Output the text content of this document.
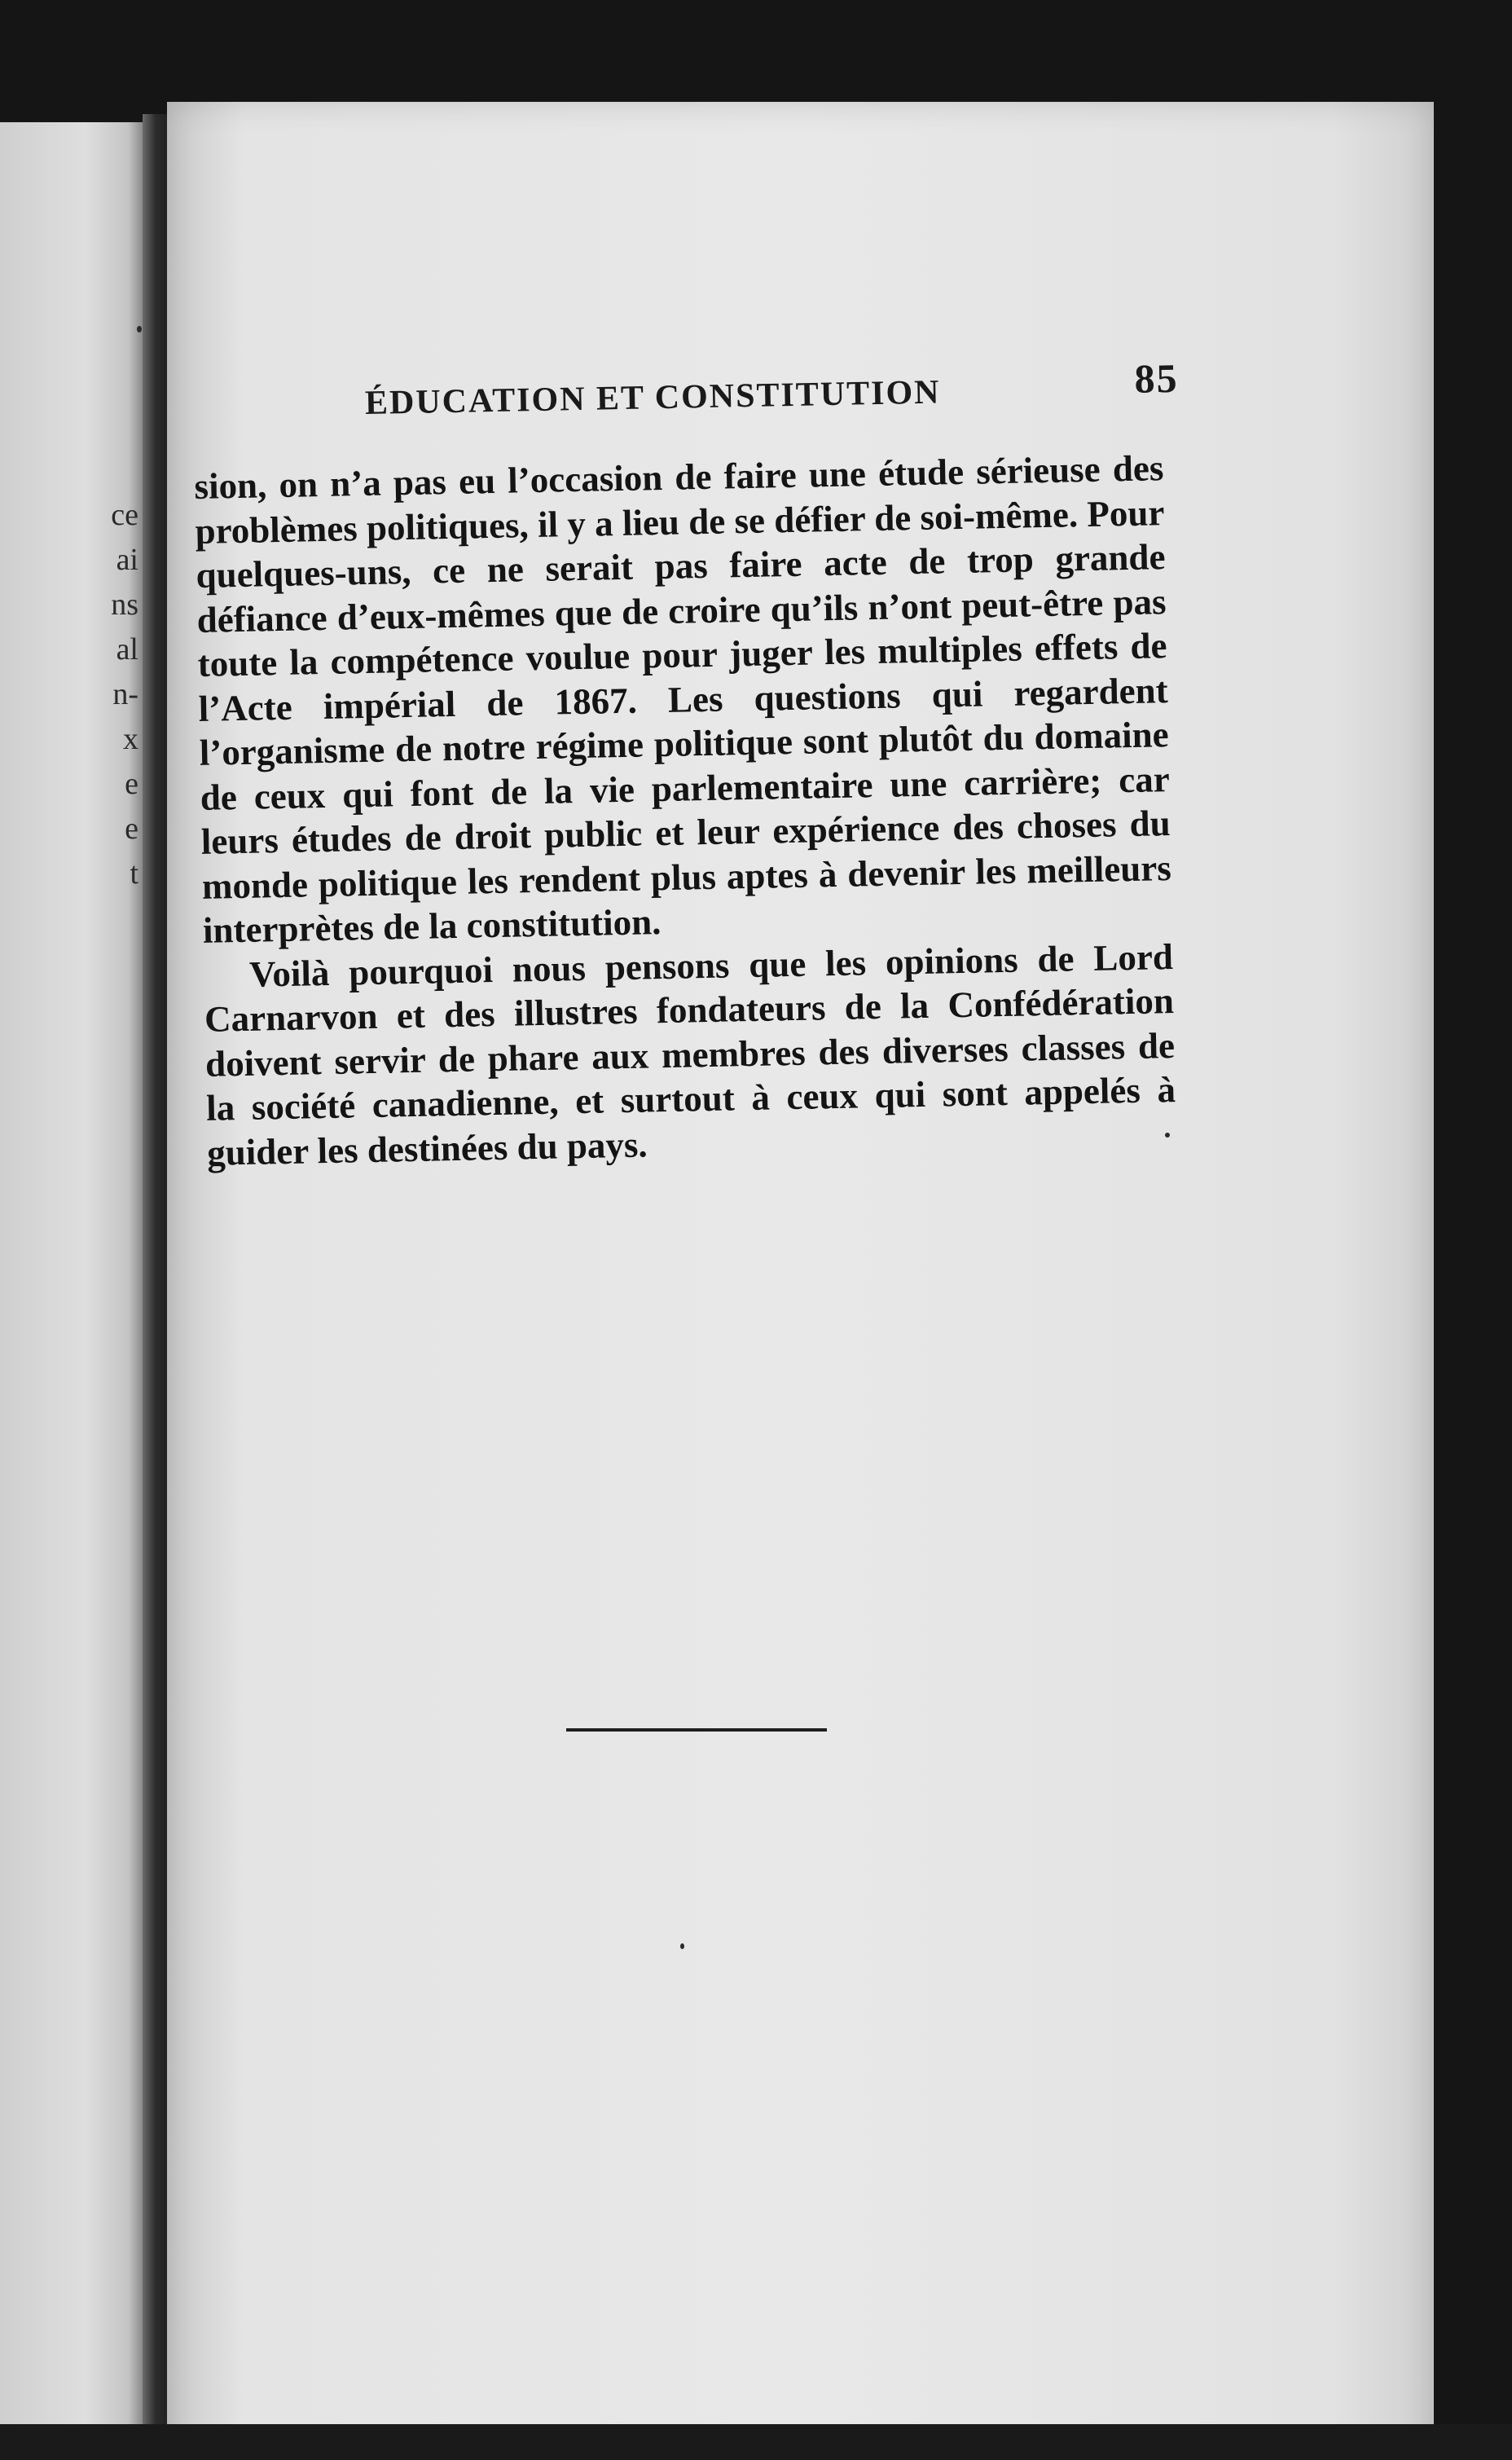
ce
ai
ns
al
n-
x
e
e
t
ÉDUCATION ET CONSTITUTION	85

sion, on n’a pas eu l’occasion de faire une étude sérieuse des problèmes politiques, il y a lieu de se défier de soi-même. Pour quelques-uns, ce ne serait pas faire acte de trop grande défiance d’eux-mêmes que de croire qu’ils n’ont peut-être pas toute la compétence voulue pour juger les multiples effets de l’Acte impérial de 1867. Les questions qui regardent l’organisme de notre régime politique sont plutôt du domaine de ceux qui font de la vie parlementaire une carrière; car leurs études de droit public et leur expérience des choses du monde politique les rendent plus aptes à devenir les meilleurs interprètes de la constitution.

Voilà pourquoi nous pensons que les opinions de Lord Carnarvon et des illustres fondateurs de la Confédération doivent servir de phare aux membres des diverses classes de la société canadienne, et surtout à ceux qui sont appelés à guider les destinées du pays.
